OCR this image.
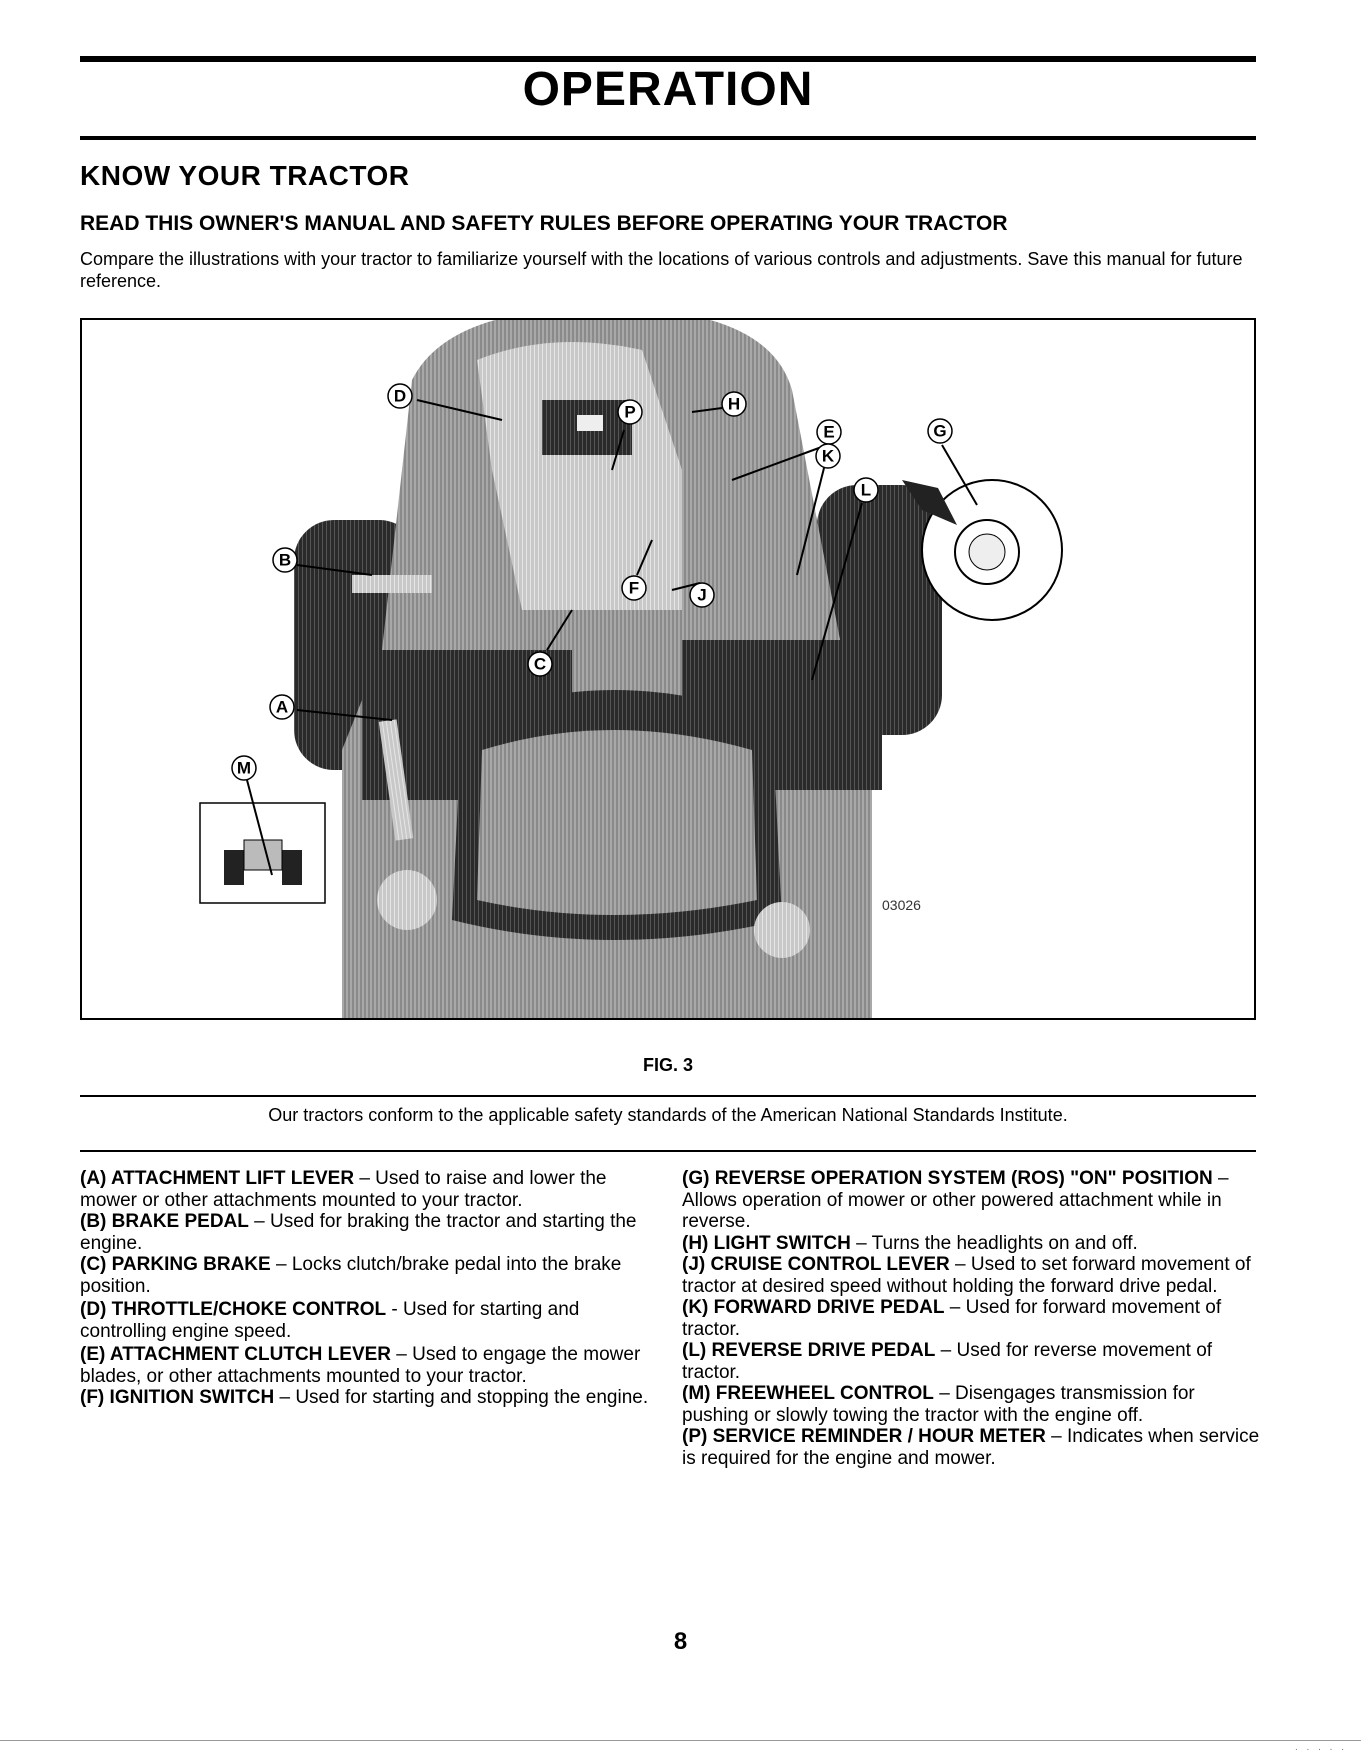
OPERATION
KNOW YOUR TRACTOR
READ THIS OWNER'S MANUAL AND SAFETY RULES BEFORE OPERATING YOUR TRACTOR
Compare the illustrations with your tractor to familiarize yourself with the locations of various controls and adjustments. Save this manual for future reference.
P
D	H
E	G
K
L
B
F	J
C
A
M
03026
FIG. 3
Our tractors conform to the applicable safety standards of the American National Standards Institute.
(A) ATTACHMENT LIFT LEVER – Used to raise and lower the mower or other attachments mounted to your tractor.
(B) BRAKE PEDAL – Used for braking the tractor and starting the engine.
(C) PARKING BRAKE – Locks clutch/brake pedal into the brake position.
(D) THROTTLE/CHOKE CONTROL - Used for starting and controlling engine speed.
(E) ATTACHMENT CLUTCH LEVER – Used to engage the mower blades, or other attachments mounted to your tractor.
(F) IGNITION SWITCH – Used for starting and stopping the engine.
(G) REVERSE OPERATION SYSTEM (ROS) "ON" POSITION – Allows operation of mower or other powered attachment while in reverse.
(H) LIGHT SWITCH – Turns the headlights on and off.
(J) CRUISE CONTROL LEVER – Used to set forward movement of tractor at desired speed without holding the forward drive pedal.
(K) FORWARD DRIVE PEDAL – Used for forward movement of tractor.
(L) REVERSE DRIVE PEDAL – Used for reverse movement of tractor.
(M) FREEWHEEL CONTROL – Disengages transmission for pushing or slowly towing the tractor with the engine off.
(P) SERVICE REMINDER / HOUR METER – Indicates when service is required for the engine and mower.
8
. . . . .
